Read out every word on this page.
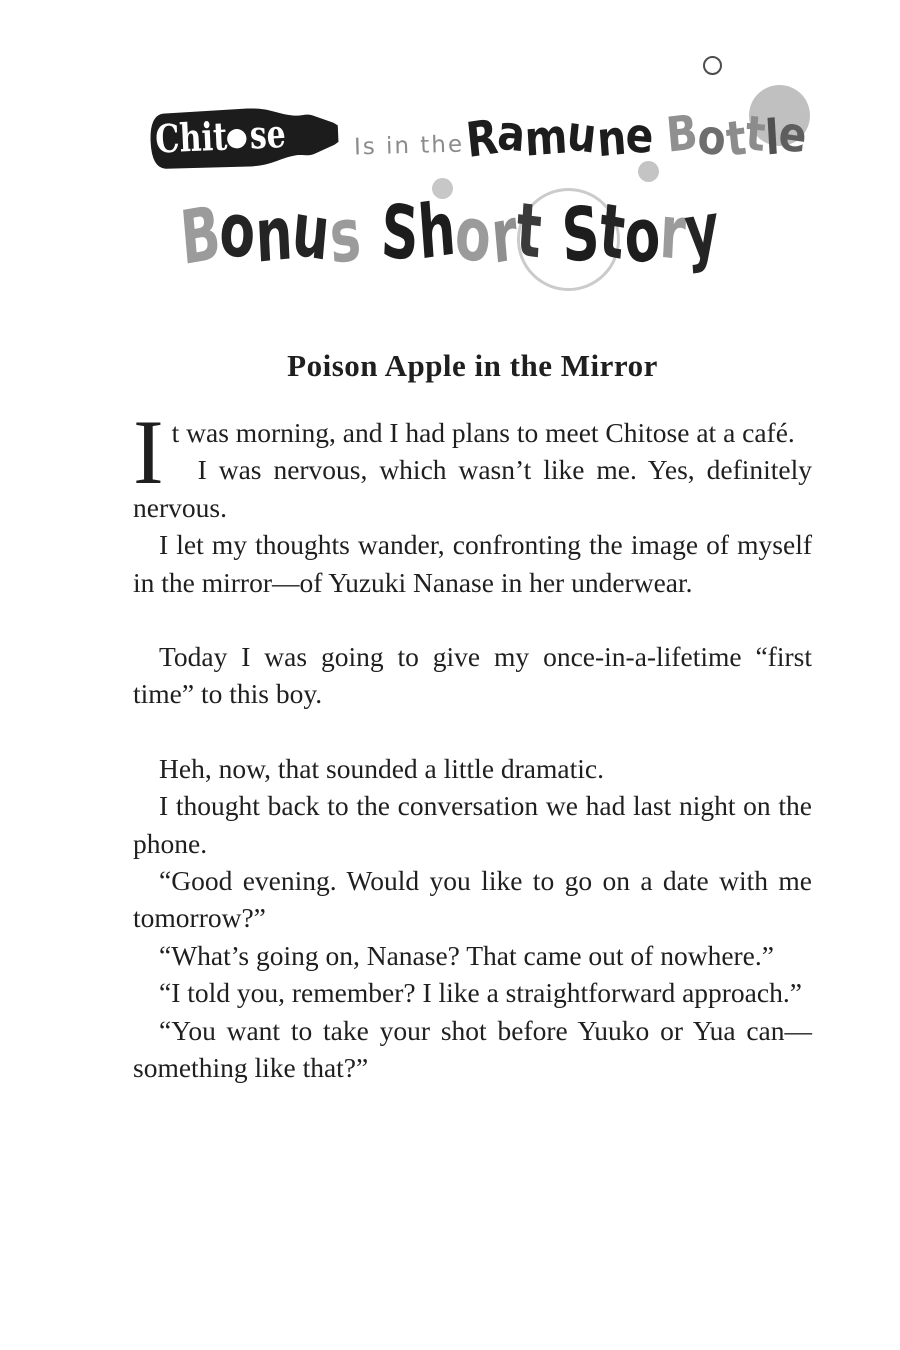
Chit se Is in the Ramune Bottle
Bonus Short Story
Poison Apple in the Mirror

It was morning, and I had plans to meet Chitose at a café.

I was nervous, which wasn’t like me. Yes, definitely nervous.

I let my thoughts wander, confronting the image of myself in the mirror—of Yuzuki Nanase in her underwear.

Today I was going to give my once-in-a-lifetime “first time” to this boy.

Heh, now, that sounded a little dramatic.

I thought back to the conversation we had last night on the phone.

“Good evening. Would you like to go on a date with me tomorrow?”

“What’s going on, Nanase? That came out of nowhere.”

“I told you, remember? I like a straightforward approach.”

“You want to take your shot before Yuuko or Yua can—something like that?”
